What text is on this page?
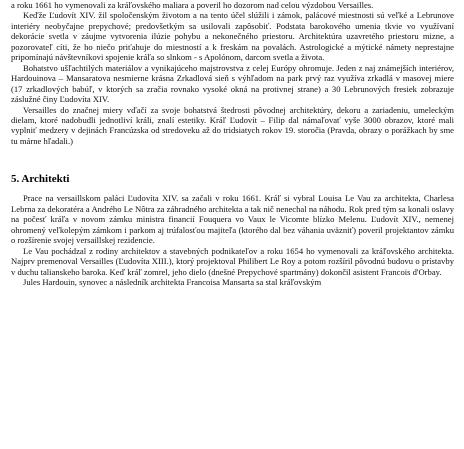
a roku 1661 ho vymenovali za kráľovského maliara a poveril ho dozorom nad celou výzdobou Versailles.

Keďže Ľudovít XIV. žil spoločenským životom a na tento účel slúžili i zámok, palácové miestnosti sú veľké a Lebrunove interiéry neobyčajne prepychové; predovšetkým sa usilovali zapôsobiť. Podstata barokového umenia tkvie vo využívaní dekorácie svetla v záujme vytvorenia ilúzie pohybu a nekonečného priestoru. Architektúra uzavretého priestoru mizne, a pozorovateľ cíti, že ho niečo priťahuje do miestností a k freskám na povalách. Astrologické a mýtické námety neprestajne pripomínajú návštevníkovi spojenie kráľa so slnkom - s Apolónom, darcom svetla a života.

Bohatstvo ušľachtilých materiálov a vynikajúceho majstrovstva z celej Európy ohromuje. Jeden z naj známejších interiérov, Hardouinova – Mansaratova nesmierne krásna Zrkadlová sieň s výhľadom na park prvý raz využíva zrkadlá v masovej miere (17 zrkadlových babúľ, v ktorých sa zračia rovnako vysoké okná na protivnej strane) a 30 Lebrunových fresiek zobrazuje záslužné činy Ľudovíta XIV.

Versailles do značnej miery vďačí za svoje bohatstvá štedrosti pôvodnej architektúry, dekoru a zariadeniu, umeleckým dielam, ktoré nadobudli jednotliví králi, znalí estetiky. Kráľ Ľudovít – Filip dal námaľovať vyše 3000 obrazov, ktoré mali vyplniť medzery v dejinách Francúzska od stredoveku až do tridsiatych rokov 19. storočia (Pravda, obrazy o porážkach by sme tu márne hľadali.)

5. Architekti

Prace na versaillskom paláci Ľudovíta XIV. sa začali v roku 1661. Kráľ si vybral Louisa Le Vau za architekta, Charlesa Lebrna za dekoratéra a Andrého Le Nôtra za záhradného architekta a tak nič nenechal na náhodu. Rok pred tým sa konali oslavy na počesť kráľa v novom zámku ministra financií Fouquera vo Vaux le Vicomte blízko Melenu. Ľudovít XIV., nemenej ohromený veľkolepým zámkom i parkom aj trúfalosťou majiteľa (ktorého dal bez váhania uväzniť) poveril projektantov zámku o rozšírenie svojej versaillskej rezidencie.

Le Vau pochádzal z rodiny architektov a stavebných podnikateľov a roku 1654 ho vymenovali za kráľovského architekta. Najprv premenoval Versailles (Ľudovíta XIII.), ktorý projektoval Philibert Le Roy a potom rozšíril pôvodnú budovu o prístavby v duchu talianskeho baroka. Keď kráľ zomrel, jeho dielo (dnešné Prepychové spartmány) dokončil asistent Francois d'Orbay.

Jules Hardouin, synovec a následník architekta Francoisa Mansarta sa stal kráľovským
